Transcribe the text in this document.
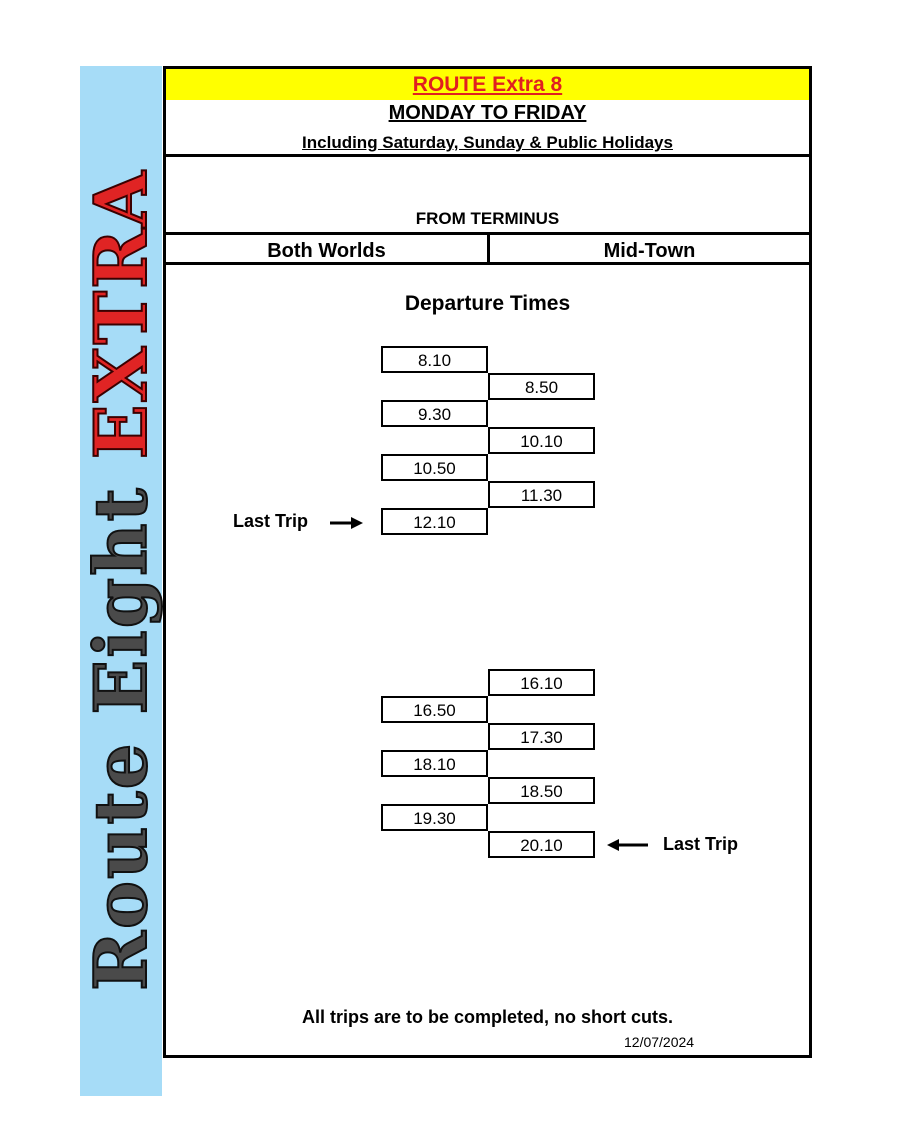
Route Eight EXTRA
ROUTE Extra 8
MONDAY TO FRIDAY
Including Saturday, Sunday & Public Holidays
FROM TERMINUS
Both Worlds	Mid-Town
Departure Times
8.10
8.50
9.30
10.10
10.50
11.30
12.10
Last Trip
16.10
16.50
17.30
18.10
18.50
19.30
20.10	Last Trip
All trips are to be completed, no short cuts.
12/07/2024
